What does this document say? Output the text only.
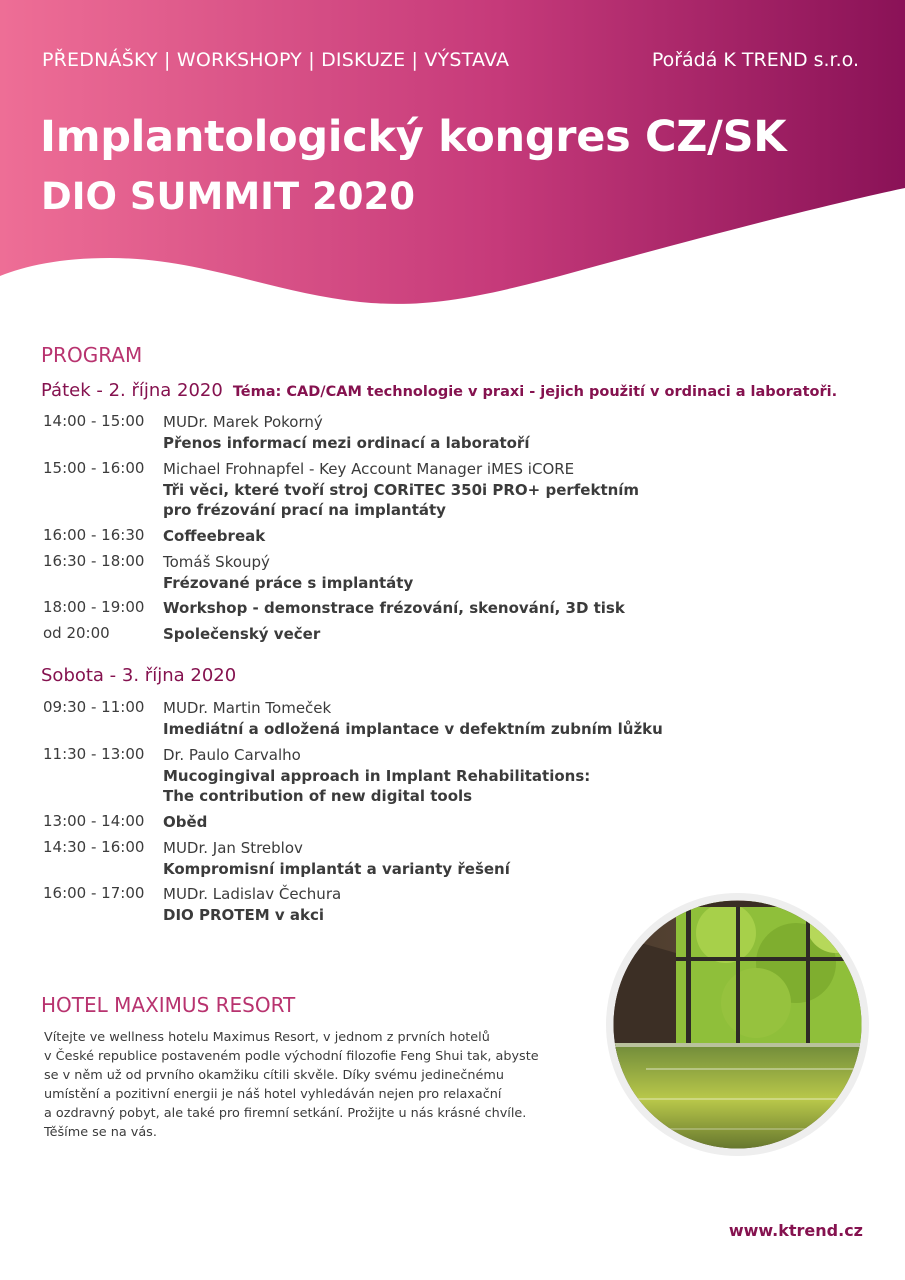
PŘEDNÁŠKY | WORKSHOPY | DISKUZE | VÝSTAVA	Pořádá K TREND s.r.o.
Implantologický kongres CZ/SK
DIO SUMMIT 2020
PROGRAM
Pátek - 2. října 2020 Téma: CAD/CAM technologie v praxi - jejich použití v ordinaci a laboratoři.
14:00 - 15:00 MUDr. Marek Pokorný
Přenos informací mezi ordinací a laboratoří
15:00 - 16:00 Michael Frohnapfel - Key Account Manager iMES iCORE
Tři věci, které tvoří stroj CORiTEC 350i PRO+ perfektním
pro frézování prací na implantáty
16:00 - 16:30 Coffeebreak
16:30 - 18:00 Tomáš Skoupý
Frézované práce s implantáty
18:00 - 19:00 Workshop - demonstrace frézování, skenování, 3D tisk
od 20:00	Společenský večer
Sobota - 3. října 2020
09:30 - 11:00 MUDr. Martin Tomeček
Imediátní a odložená implantace v defektním zubním lůžku
11:30 - 13:00 Dr. Paulo Carvalho
Mucogingival approach in Implant Rehabilitations:
The contribution of new digital tools
13:00 - 14:00 Oběd
14:30 - 16:00 MUDr. Jan Streblov
Kompromisní implantát a varianty řešení
16:00 - 17:00 MUDr. Ladislav Čechura
DIO PROTEM v akci
HOTEL MAXIMUS RESORT
Vítejte ve wellness hotelu Maximus Resort, v jednom z prvních hotelů
v České republice postaveném podle východní filozofie Feng Shui tak, abyste
se v něm už od prvního okamžiku cítili skvěle. Díky svému jedinečnému
umístění a pozitivní energii je náš hotel vyhledáván nejen pro relaxační
a ozdravný pobyt, ale také pro firemní setkání. Prožijte u nás krásné chvíle.
Těšíme se na vás.
www.ktrend.cz
